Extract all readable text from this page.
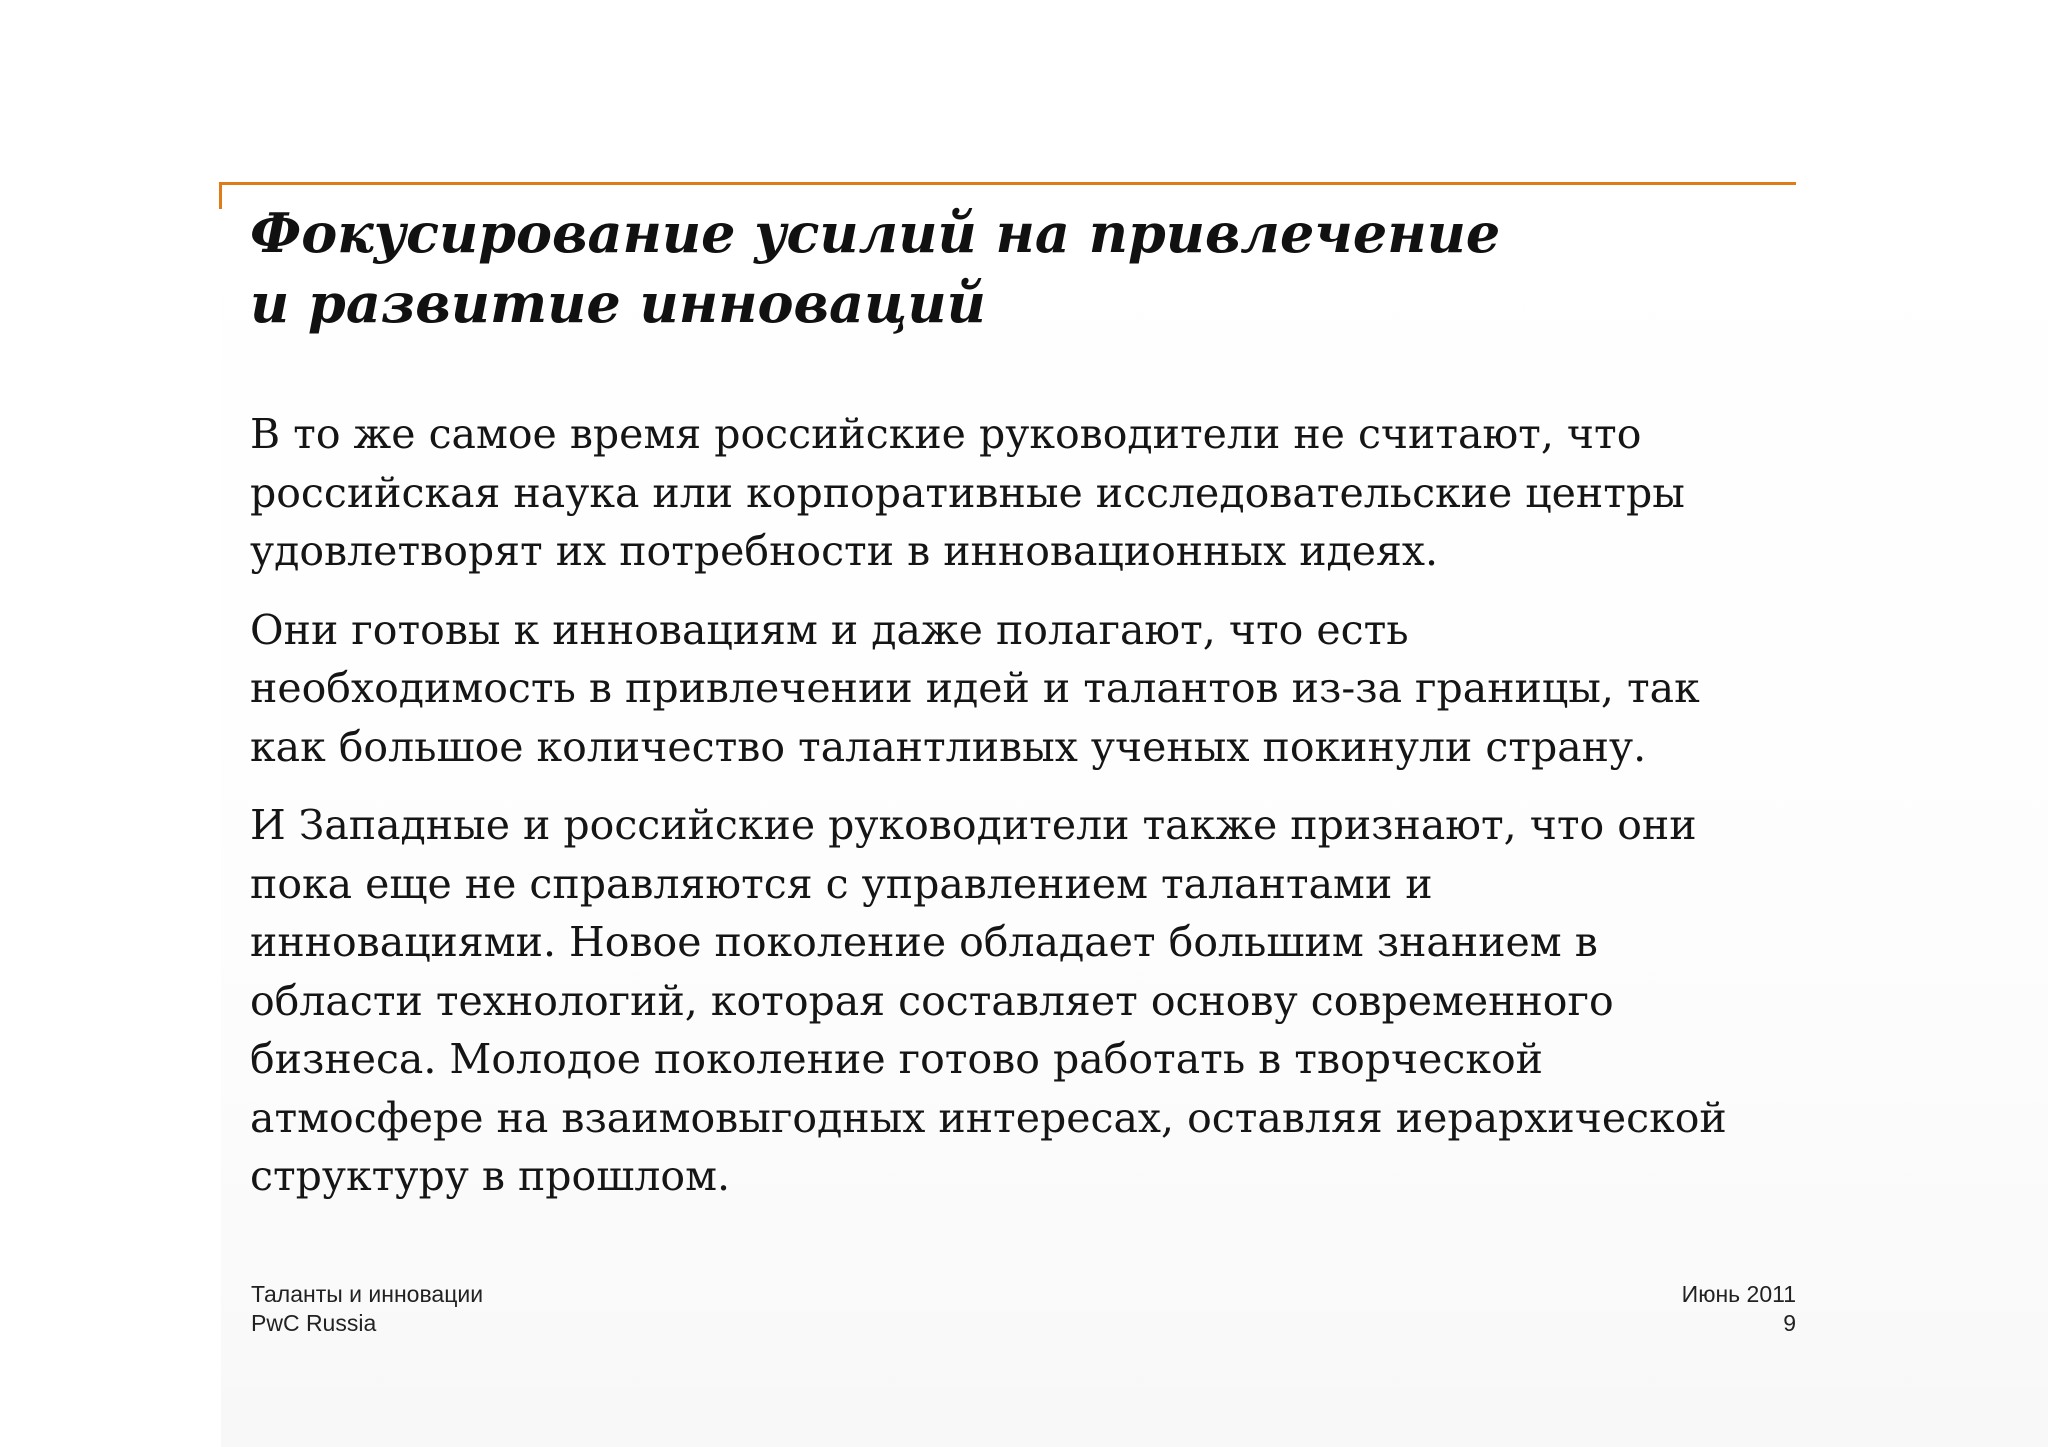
Фокусирование усилий на привлечение
и развитие инноваций

В то же самое время российские руководители не считают, что
российская наука или корпоративные исследовательские центры
удовлетворят их потребности в инновационных идеях.

Они готовы к инновациям и даже полагают, что есть
необходимость в привлечении идей и талантов из-за границы, так
как большое количество талантливых ученых покинули страну.

И Западные и российские руководители также признают, что они
пока еще не справляются с управлением талантами и
инновациями. Новое поколение обладает большим знанием в
области технологий, которая составляет основу современного
бизнеса. Молодое поколение готово работать в творческой
атмосфере на взаимовыгодных интересах, оставляя иерархической
структуру в прошлом.

Таланты и инновации
PwC Russia
Июнь 2011
9
